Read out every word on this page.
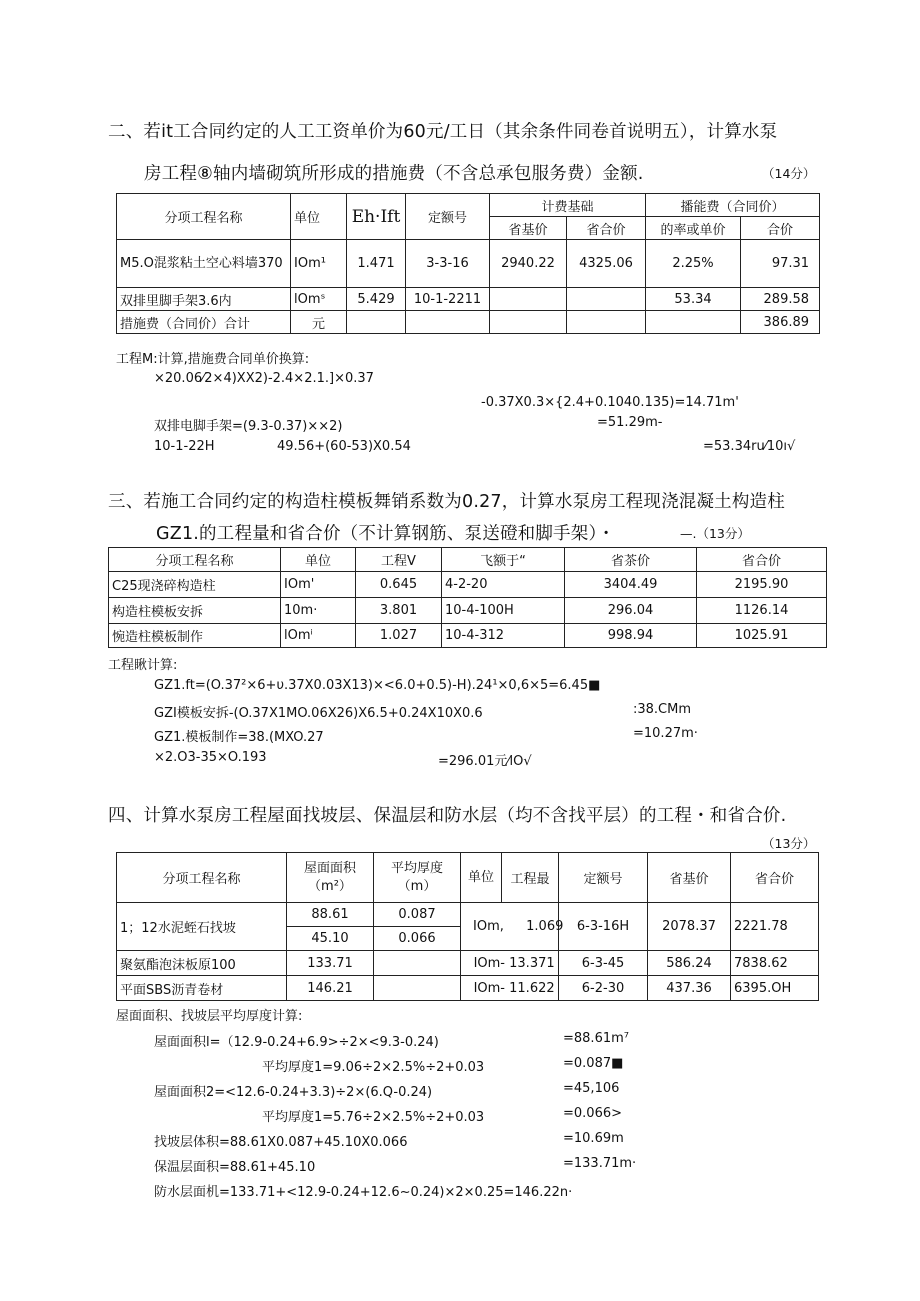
二、若it工合同约定的人工工资单价为60元/工日（其余条件同卷首说明五），计算水泵
房工程⑧轴内墙砌筑所形成的措施费（不含总承包服务费）金额.	（14分）
分项工程名称	单位	Eh·Ift	定额号	计费基础		播能费（合同价）	
				省基价	省合价	的率或单价	合价
M5.O混浆粘土空心料墙370	IOm¹	1.471	3-3-16	2940.22	4325.06	2.25%	97.31
双排里脚手架3.6内	lOmˢ	5.429	10-1-2211			53.34	289.58
措施费（合同价）合计	元						386.89
工程M:计算,措施费合同单价换算:
×20.06⁄2×4)XX2)-2.4×2.1.]×0.37
-0.37X0.3×{2.4+0.1040.135)=14.71m'
双排电脚手架=(9.3-0.37)××2)	=51.29m-
10-1-22H	49.56+(60-53)X0.54	=53.34ru⁄10ı√
三、若施工合同约定的构造柱模板舞销系数为0.27，计算水泵房工程现浇混凝土构造柱
GZ1.的工程量和省合价（不计算钢筋、泵送磴和脚手架）・	—.（13分）
分项工程名称	单位	工程V	飞额于“	省茶价	省合价
C25现浇碎构造柱	IOm'	0.645	4-2-20	3404.49	2195.90
构造柱模板安拆	10m·	3.801	10-4-100H	296.04	1126.14
惋造柱模板制作	lOmⁱ	1.027	10-4-312	998.94	1025.91
工程瞅计算:
GZ1.ft=(O.37²×6+υ.37X0.03X13)×<6.0+0.5)-H).24¹×0,6×5=6.45■
GZI模板安拆-(O.37X1MO.06X26)X6.5+0.24X10X0.6	:38.CMm
GZ1.模板制作=38.(MXO.27	=10.27m·
×2.O3-35×O.193	=296.01元⁄lO√
四、计算水泵房工程屋面找坡层、保温层和防水层（均不含找平层）的工程・和省合价.
（13分）
分项工程名称	屋面面积（m²）	平均厚度（m）	单位	工程最	定额号	省基价	省合价
1；12水泥蛭石找坡	88.61	0.087	IOm, 1.069		6-3-16H	2078.37	2221.78
	45.10	0.066					
聚氨酯泡沫板原100	133.71		IOm- 13.371		6-3-45	586.24	7838.62
平面SBS沥青卷材	146.21		IOm- 11.622		6-2-30	437.36	6395.OH
屋面面积、找坡层平均厚度计算:
屋面面积l=（12.9-0.24+6.9>÷2×<9.3-0.24)	=88.61m⁷
平均厚度1=9.06÷2×2.5%÷2+0.03	=0.087■
屋面面积2=<12.6-0.24+3.3)÷2×(6.Q-0.24)	=45,106
平均厚度1=5.76÷2×2.5%÷2+0.03	=0.066>
找坡层体积=88.61X0.087+45.10X0.066	=10.69m
保温层面积=88.61+45.10	=133.71m·
防水层面机=133.71+<12.9-0.24+12.6~0.24)×2×0.25=146.22n·
